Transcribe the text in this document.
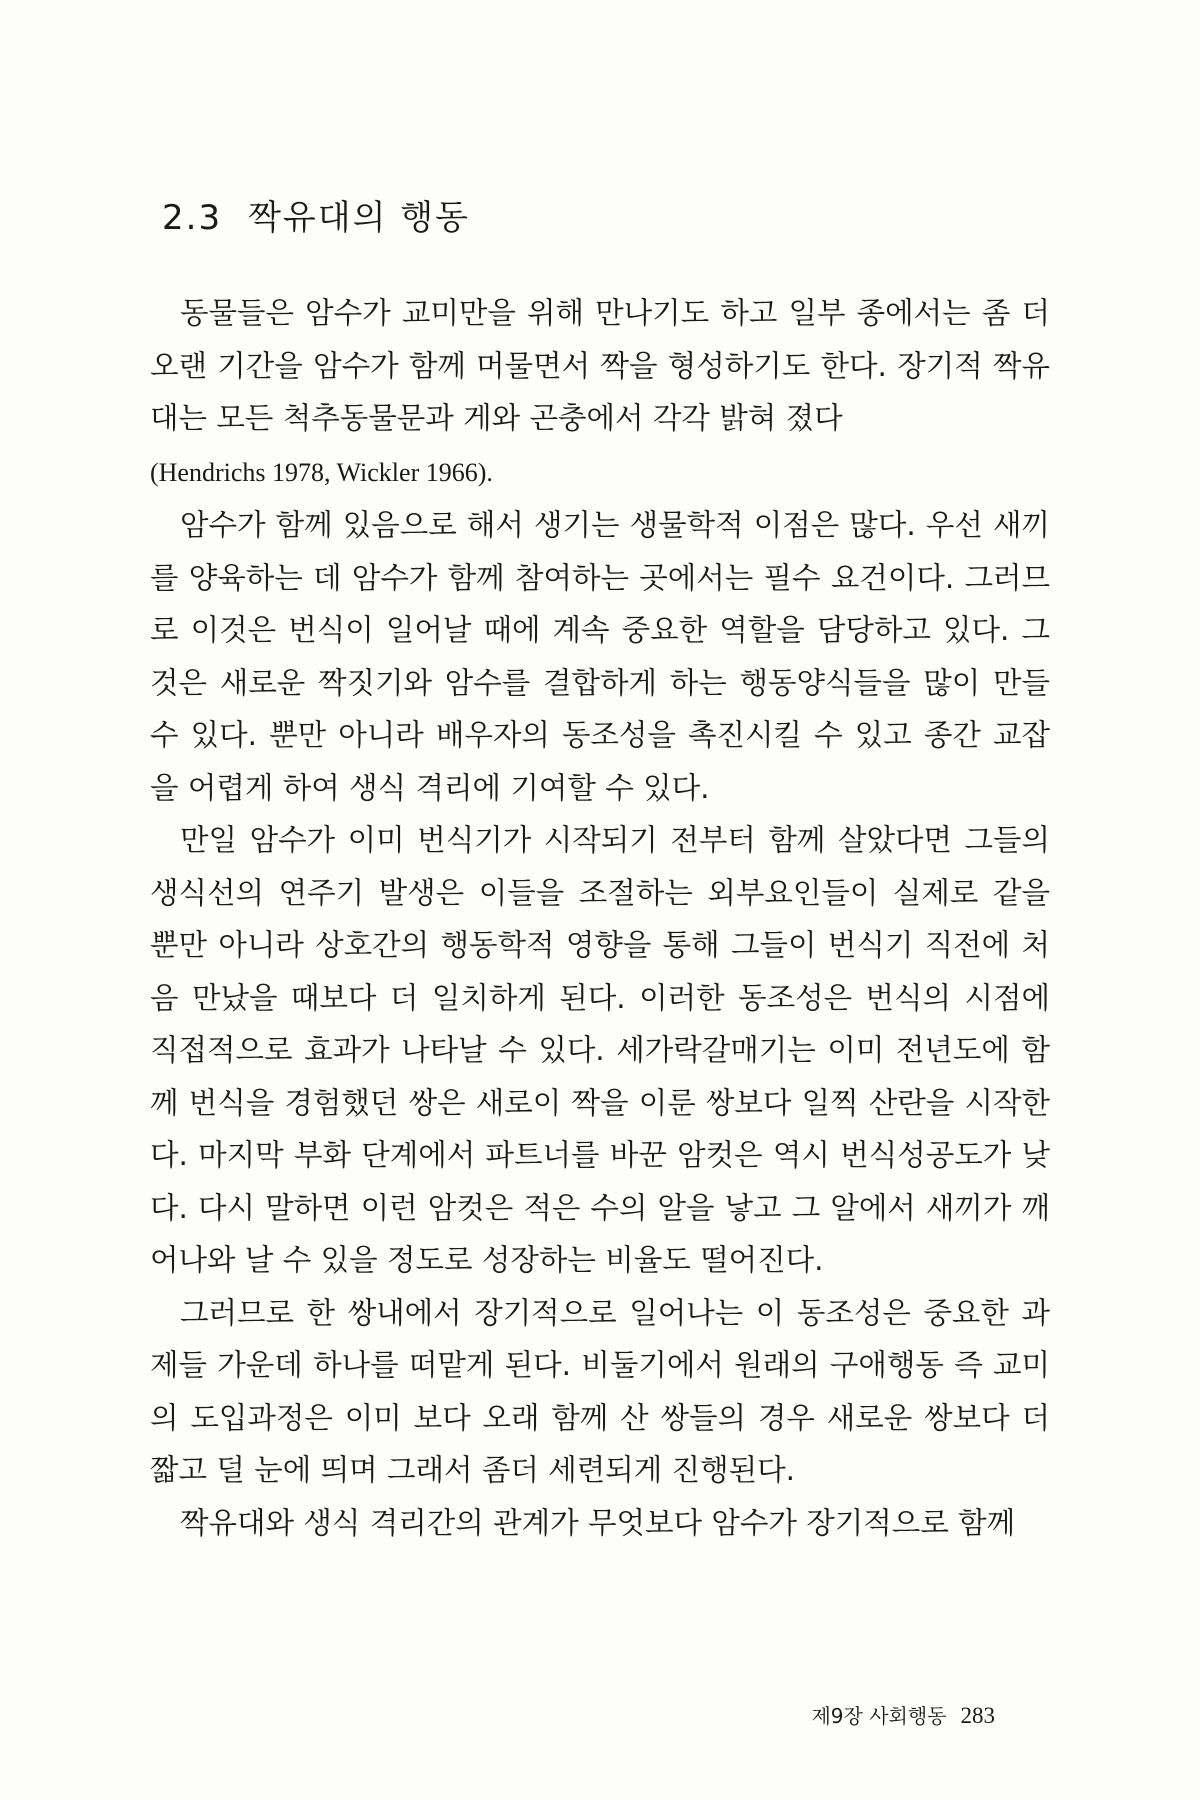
2.3 짝유대의 행동

동물들은 암수가 교미만을 위해 만나기도 하고 일부 종에서는 좀 더 오랜 기간을 암수가 함께 머물면서 짝을 형성하기도 한다. 장기적 짝유대는 모든 척추동물문과 게와 곤충에서 각각 밝혀 졌다
(Hendrichs 1978, Wickler 1966).

암수가 함께 있음으로 해서 생기는 생물학적 이점은 많다. 우선 새끼를 양육하는 데 암수가 함께 참여하는 곳에서는 필수 요건이다. 그러므로 이것은 번식이 일어날 때에 계속 중요한 역할을 담당하고 있다. 그것은 새로운 짝짓기와 암수를 결합하게 하는 행동양식들을 많이 만들 수 있다. 뿐만 아니라 배우자의 동조성을 촉진시킬 수 있고 종간 교잡을 어렵게 하여 생식 격리에 기여할 수 있다.

만일 암수가 이미 번식기가 시작되기 전부터 함께 살았다면 그들의 생식선의 연주기 발생은 이들을 조절하는 외부요인들이 실제로 같을 뿐만 아니라 상호간의 행동학적 영향을 통해 그들이 번식기 직전에 처음 만났을 때보다 더 일치하게 된다. 이러한 동조성은 번식의 시점에 직접적으로 효과가 나타날 수 있다. 세가락갈매기는 이미 전년도에 함께 번식을 경험했던 쌍은 새로이 짝을 이룬 쌍보다 일찍 산란을 시작한다. 마지막 부화 단계에서 파트너를 바꾼 암컷은 역시 번식성공도가 낮다. 다시 말하면 이런 암컷은 적은 수의 알을 낳고 그 알에서 새끼가 깨어나와 날 수 있을 정도로 성장하는 비율도 떨어진다.

그러므로 한 쌍내에서 장기적으로 일어나는 이 동조성은 중요한 과제들 가운데 하나를 떠맡게 된다. 비둘기에서 원래의 구애행동 즉 교미의 도입과정은 이미 보다 오래 함께 산 쌍들의 경우 새로운 쌍보다 더 짧고 덜 눈에 띄며 그래서 좀더 세련되게 진행된다.

짝유대와 생식 격리간의 관계가 무엇보다 암수가 장기적으로 함께

제9장 사회행동 283
